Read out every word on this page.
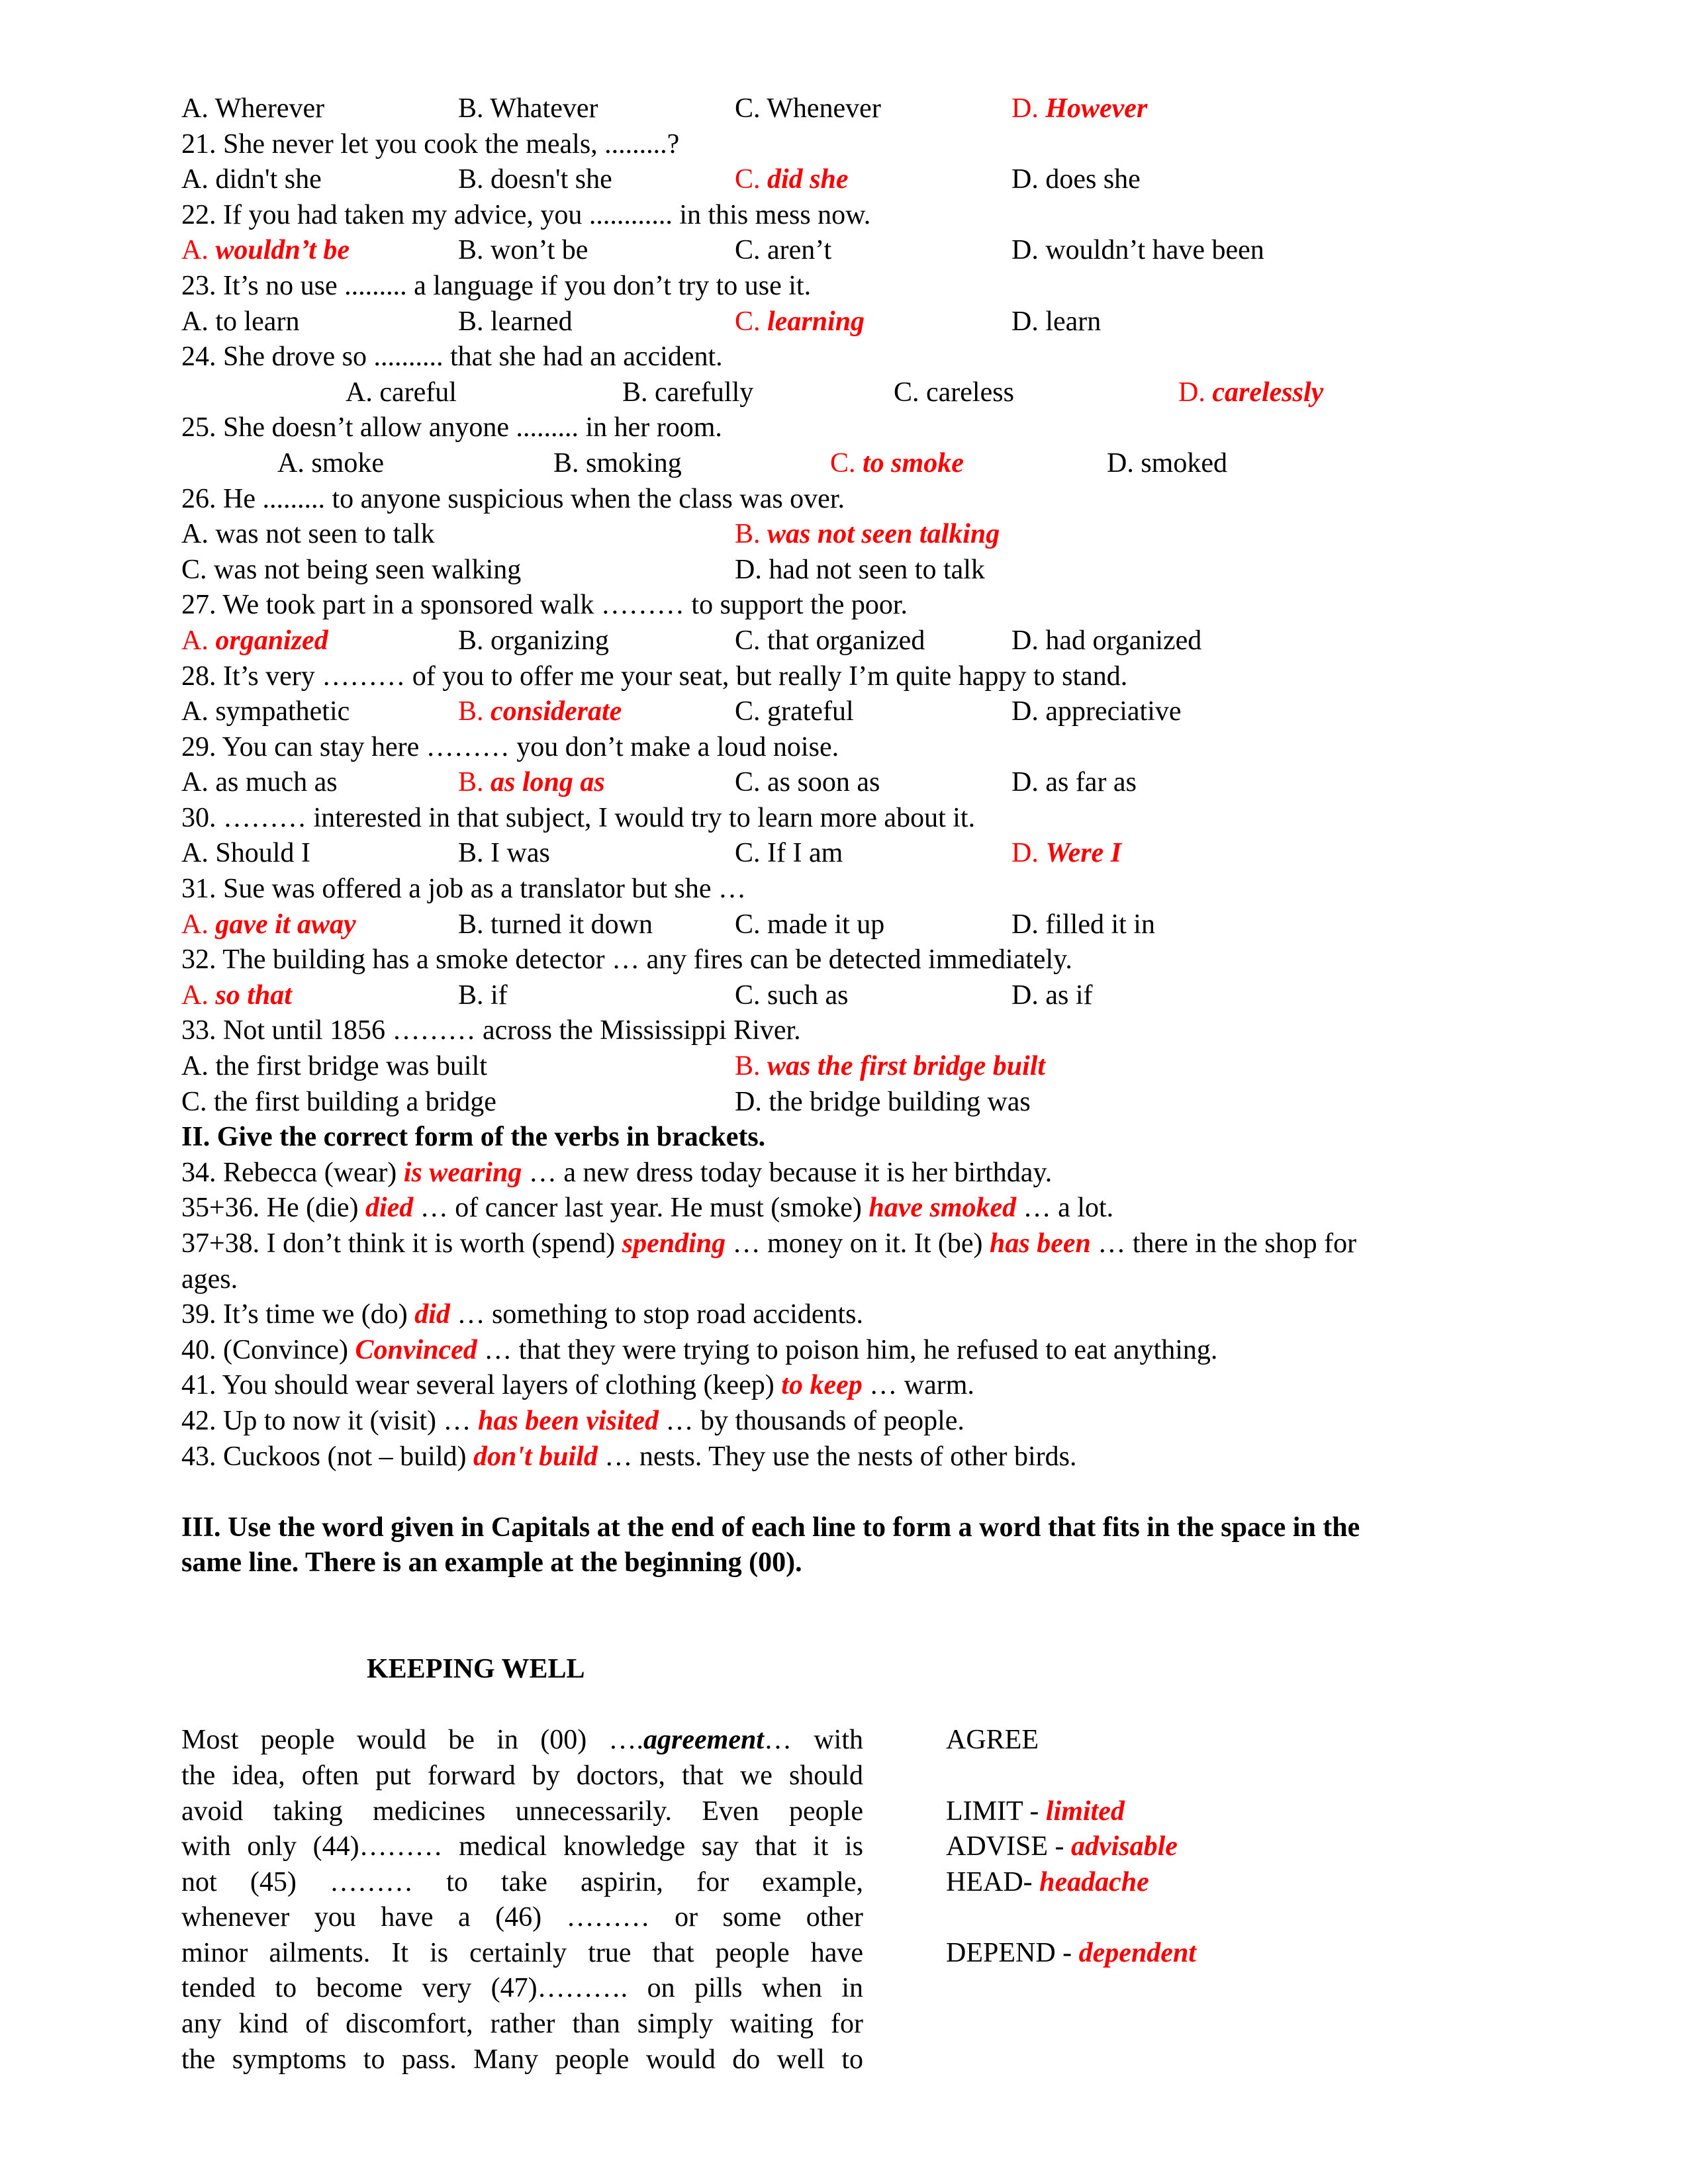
A. Wherever	B. Whatever	C. Whenever	D. However
21. She never let you cook the meals, .........?
A. didn't she	B. doesn't she	C. did she	D. does she
22. If you had taken my advice, you ............ in this mess now.
A. wouldn’t be	B. won’t be	C. aren’t	D. wouldn’t have been
23. It’s no use ......... a language if you don’t try to use it.
A. to learn	B. learned	C. learning	D. learn
24. She drove so .......... that she had an accident.
A. careful	B. carefully	C. careless	D. carelessly
25. She doesn’t allow anyone ......... in her room.
A. smoke	B. smoking	C. to smoke	D. smoked
26. He ......... to anyone suspicious when the class was over.
A. was not seen to talk	B. was not seen talking
C. was not being seen walking	D. had not seen to talk
27. We took part in a sponsored walk ……… to support the poor.
A. organized	B. organizing	C. that organized	D. had organized
28. It’s very ……… of you to offer me your seat, but really I’m quite happy to stand.
A. sympathetic	B. considerate	C. grateful	D. appreciative
29. You can stay here ……… you don’t make a loud noise.
A. as much as	B. as long as	C. as soon as	D. as far as
30. ……… interested in that subject, I would try to learn more about it.
A. Should I	B. I was	C. If I am	D. Were I
31. Sue was offered a job as a translator but she …
A. gave it away	B. turned it down	C. made it up	D. filled it in
32. The building has a smoke detector … any fires can be detected immediately.
A. so that	B. if	C. such as	D. as if
33. Not until 1856 ……… across the Mississippi River.
A. the first bridge was built	B. was the first bridge built
C. the first building a bridge	D. the bridge building was
II. Give the correct form of the verbs in brackets.
34. Rebecca (wear) is wearing … a new dress today because it is her birthday.
35+36. He (die) died … of cancer last year. He must (smoke) have smoked … a lot.
37+38. I don’t think it is worth (spend) spending … money on it. It (be) has been … there in the shop for
ages.
39. It’s time we (do) did … something to stop road accidents.
40. (Convince) Convinced … that they were trying to poison him, he refused to eat anything.
41. You should wear several layers of clothing (keep) to keep … warm.
42. Up to now it (visit) … has been visited … by thousands of people.
43. Cuckoos (not – build) don't build … nests. They use the nests of other birds.
III. Use the word given in Capitals at the end of each line to form a word that fits in the space in the
same line. There is an example at the beginning (00).
KEEPING WELL
Most people would be in (00) ….agreement… with
the idea, often put forward by doctors, that we should
avoid taking medicines unnecessarily. Even people
with only (44)……… medical knowledge say that it is
not (45) ……… to take aspirin, for example,
whenever you have a (46) ……… or some other
minor ailments. It is certainly true that people have
tended to become very (47)………. on pills when in
any kind of discomfort, rather than simply waiting for
the symptoms to pass. Many people would do well to
AGREE
LIMIT - limited
ADVISE - advisable
HEAD- headache
DEPEND - dependent
